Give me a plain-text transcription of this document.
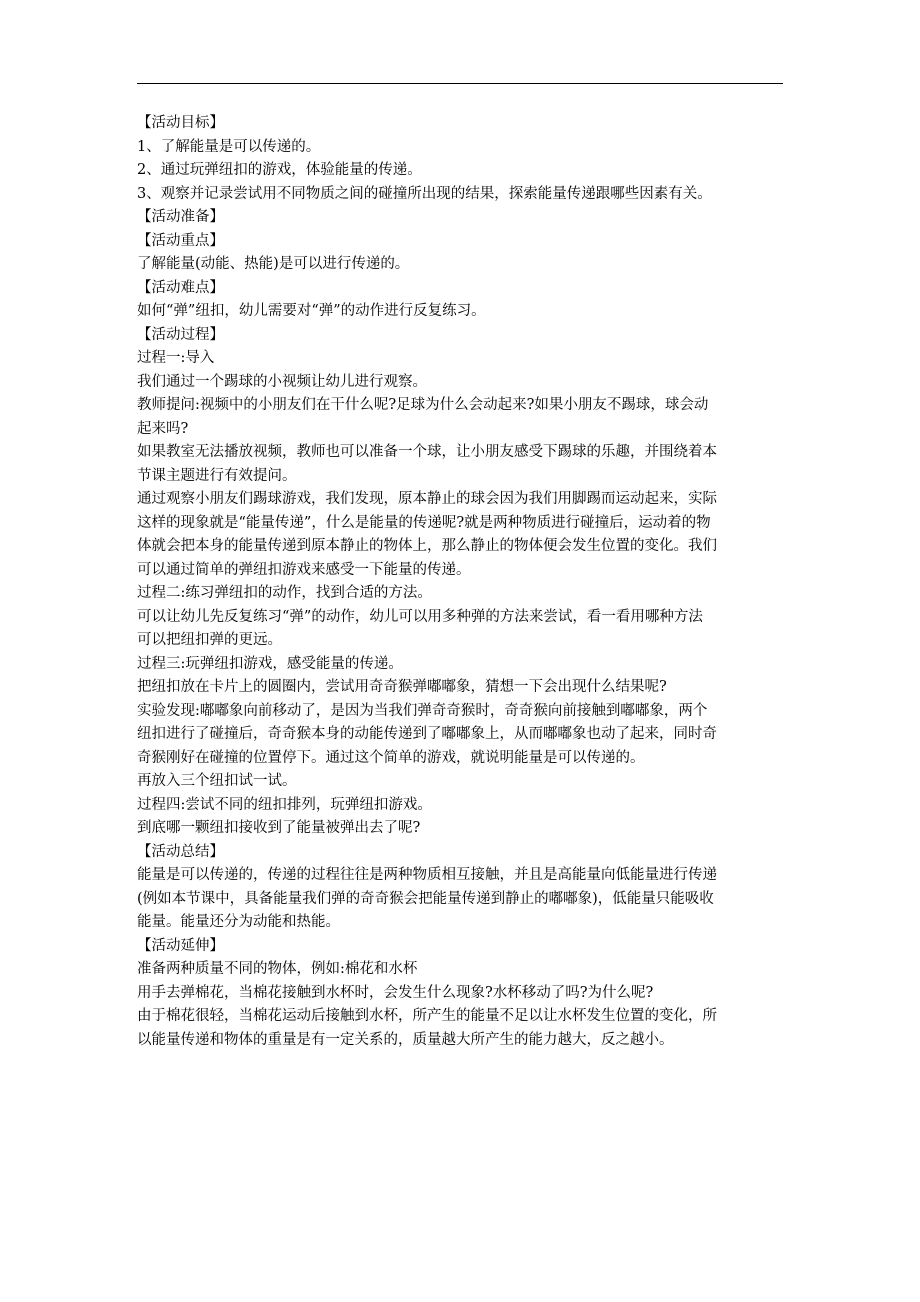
【活动目标】
1、了解能量是可以传递的。
2、通过玩弹纽扣的游戏，体验能量的传递。
3、观察并记录尝试用不同物质之间的碰撞所出现的结果，探索能量传递跟哪些因素有关。
【活动准备】
【活动重点】
了解能量(动能、热能)是可以进行传递的。
【活动难点】
如何“弹”纽扣，幼儿需要对“弹”的动作进行反复练习。
【活动过程】
过程一:导入
我们通过一个踢球的小视频让幼儿进行观察。
教师提问:视频中的小朋友们在干什么呢?足球为什么会动起来?如果小朋友不踢球，球会动
起来吗?
如果教室无法播放视频，教师也可以准备一个球，让小朋友感受下踢球的乐趣，并围绕着本
节课主题进行有效提问。
通过观察小朋友们踢球游戏，我们发现，原本静止的球会因为我们用脚踢而运动起来，实际
这样的现象就是“能量传递”，什么是能量的传递呢?就是两种物质进行碰撞后，运动着的物
体就会把本身的能量传递到原本静止的物体上，那么静止的物体便会发生位置的变化。我们
可以通过简单的弹纽扣游戏来感受一下能量的传递。
过程二:练习弹纽扣的动作，找到合适的方法。
可以让幼儿先反复练习“弹”的动作，幼儿可以用多种弹的方法来尝试，看一看用哪种方法
可以把纽扣弹的更远。
过程三:玩弹纽扣游戏，感受能量的传递。
把纽扣放在卡片上的圆圈内，尝试用奇奇猴弹嘟嘟象，猜想一下会出现什么结果呢?
实验发现:嘟嘟象向前移动了，是因为当我们弹奇奇猴时，奇奇猴向前接触到嘟嘟象，两个
纽扣进行了碰撞后，奇奇猴本身的动能传递到了嘟嘟象上，从而嘟嘟象也动了起来，同时奇
奇猴刚好在碰撞的位置停下。通过这个简单的游戏，就说明能量是可以传递的。
再放入三个纽扣试一试。
过程四:尝试不同的纽扣排列，玩弹纽扣游戏。
到底哪一颗纽扣接收到了能量被弹出去了呢?
【活动总结】
能量是可以传递的，传递的过程往往是两种物质相互接触，并且是高能量向低能量进行传递
(例如本节课中，具备能量我们弹的奇奇猴会把能量传递到静止的嘟嘟象)，低能量只能吸收
能量。能量还分为动能和热能。
【活动延伸】
准备两种质量不同的物体，例如:棉花和水杯
用手去弹棉花，当棉花接触到水杯时，会发生什么现象?水杯移动了吗?为什么呢?
由于棉花很轻，当棉花运动后接触到水杯，所产生的能量不足以让水杯发生位置的变化，所
以能量传递和物体的重量是有一定关系的，质量越大所产生的能力越大，反之越小。
